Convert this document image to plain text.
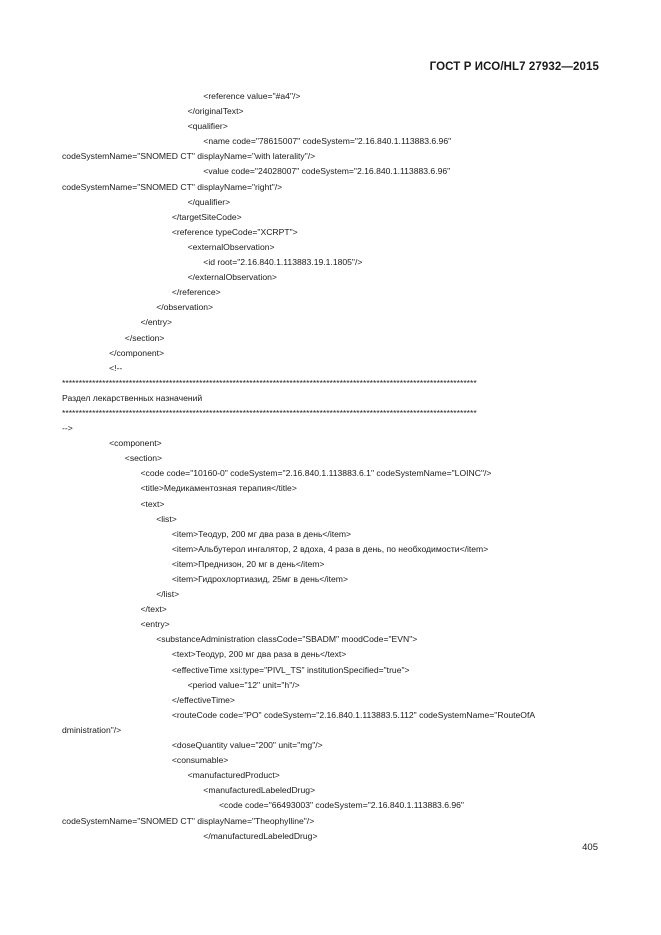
ГОСТ Р ИСО/HL7 27932—2015
<reference value="#a4"/>
</originalText>
<qualifier>
<name code="78615007" codeSystem="2.16.840.1.113883.6.96"
codeSystemName="SNOMED CT" displayName="with laterality"/>
<value code="24028007" codeSystem="2.16.840.1.113883.6.96"
codeSystemName="SNOMED CT" displayName="right"/>
</qualifier>
</targetSiteCode>
<reference typeCode="XCRPT">
<externalObservation>
<id root="2.16.840.1.113883.19.1.1805"/>
</externalObservation>
</reference>
</observation>
</entry>
</section>
</component>
<!--
****************************************************************************************************************************
Раздел лекарственных назначений
****************************************************************************************************************************
-->
<component>
<section>
<code code="10160-0" codeSystem="2.16.840.1.113883.6.1" codeSystemName="LOINC"/>
<title>Медикаментозная терапия</title>
<text>
<list>
<item>Теодур, 200 мг два раза в день</item>
<item>Альбутерол ингалятор, 2 вдоха, 4 раза в день, по необходимости</item>
<item>Преднизон, 20 мг в день</item>
<item>Гидрохлортиазид, 25мг в день</item>
</list>
</text>
<entry>
<substanceAdministration classCode="SBADM" moodCode="EVN">
<text>Теодур, 200 мг два раза в день</text>
<effectiveTime xsi:type="PIVL_TS" institutionSpecified="true">
<period value="12" unit="h"/>
</effectiveTime>
<routeCode code="PO" codeSystem="2.16.840.1.113883.5.112" codeSystemName="RouteOfA
dministration"/>
<doseQuantity value="200" unit="mg"/>
<consumable>
<manufacturedProduct>
<manufacturedLabeledDrug>
<code code="66493003" codeSystem="2.16.840.1.113883.6.96"
codeSystemName="SNOMED CT" displayName="Theophylline"/>
</manufacturedLabeledDrug>
405
